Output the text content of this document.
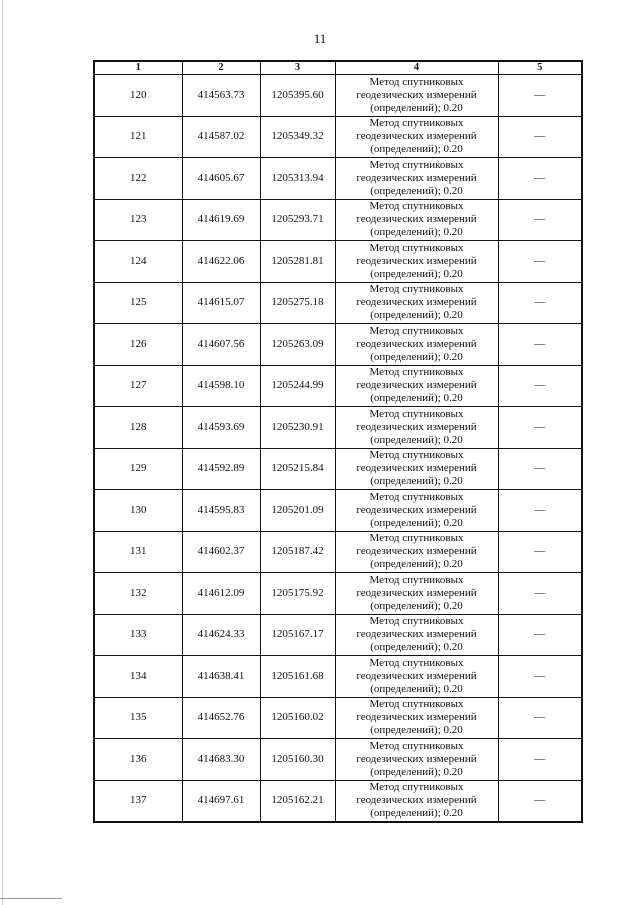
11
1	2	3	4	5
120	414563.73	1205395.60	Метод спутниковых геодезических измерений (определений); 0.20	—
121	414587.02	1205349.32	Метод спутниковых геодезических измерений (определений); 0.20	—
122	414605.67	1205313.94	Метод спутниковых геодезических измерений (определений); 0.20	—
123	414619.69	1205293.71	Метод спутниковых геодезических измерений (определений); 0.20	—
124	414622.06	1205281.81	Метод спутниковых геодезических измерений (определений); 0.20	—
125	414615.07	1205275.18	Метод спутниковых геодезических измерений (определений); 0.20	—
126	414607.56	1205263.09	Метод спутниковых геодезических измерений (определений); 0.20	—
127	414598.10	1205244.99	Метод спутниковых геодезических измерений (определений); 0.20	—
128	414593.69	1205230.91	Метод спутниковых геодезических измерений (определений); 0.20	—
129	414592.89	1205215.84	Метод спутниковых геодезических измерений (определений); 0.20	—
130	414595.83	1205201.09	Метод спутниковых геодезических измерений (определений); 0.20	—
131	414602.37	1205187.42	Метод спутниковых геодезических измерений (определений); 0.20	—
132	414612.09	1205175.92	Метод спутниковых геодезических измерений (определений); 0.20	—
133	414624.33	1205167.17	Метод спутниковых геодезических измерений (определений); 0.20	—
134	414638.41	1205161.68	Метод спутниковых геодезических измерений (определений); 0.20	—
135	414652.76	1205160.02	Метод спутниковых геодезических измерений (определений); 0.20	—
136	414683.30	1205160.30	Метод спутниковых геодезических измерений (определений); 0.20	—
137	414697.61	1205162.21	Метод спутниковых геодезических измерений (определений); 0.20	—
